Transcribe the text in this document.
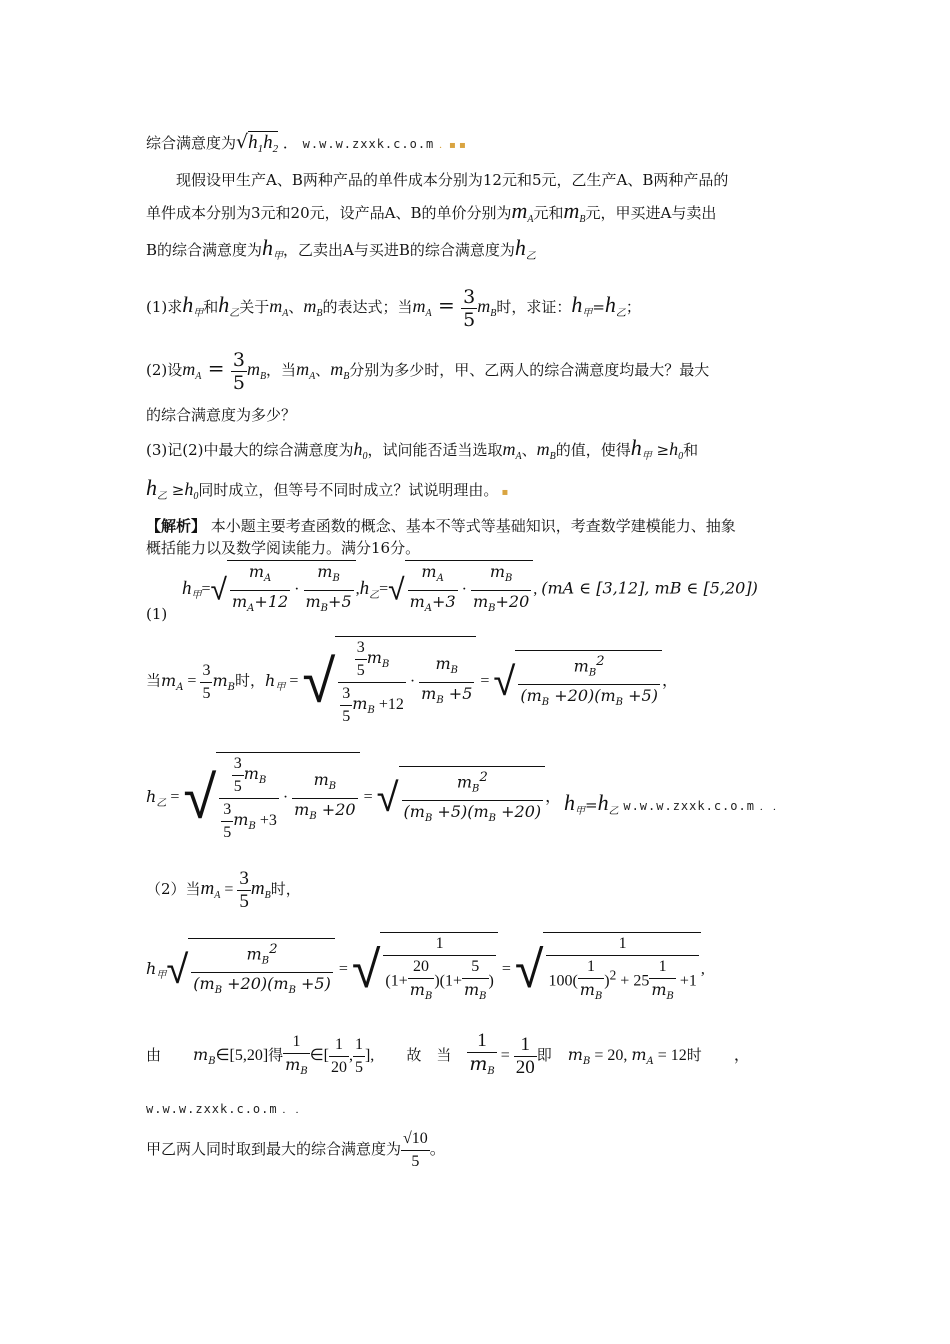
综合满意度为$√h_1h_2$ ． w.w.w.zxxk.c.o.m ．▪ ▪
现假设甲生产A、B两种产品的单件成本分别为12元和5元，乙生产A、B两种产品的
单件成本分别为3元和20元，设产品A、B的单价分别为$m_A$元和$m_B$元，甲买进A与卖出
B的综合满意度为$h_甲$，乙卖出A与买进B的综合满意度为$h_乙$
(1)求$h_甲$和$h_乙$关于$m_A$、$m_B$的表达式；当$m_A = \frac{3}{5} m_B$时，求证：$h_甲=h_乙$；
(2)设$m_A = \frac{3}{5} m_B$，当$m_A$、$m_B$分别为多少时，甲、乙两人的综合满意度均最大？最大
的综合满意度为多少？
(3)记(2)中最大的综合满意度为$h_0$，试问能否适当选取$m_A$、$m_B$的值，使得$h_甲 \ge h_0$和
$h_乙 \ge h_0$同时成立，但等号不同时成立？试说明理由。 ▪
【解析】 本小题主要考查函数的概念、基本不等式等基础知识，考查数学建模能力、抽象
概括能力以及数学阅读能力。满分16分。
$h_甲=√ \frac{m_A}{m_A+12} \cdot \frac{m_B}{m_B+5} ,h_乙=√ \frac{m_A}{m_A+3} \cdot \frac{m_B}{m_B+20}$ , (mA ∈ [3,12], mB ∈ [5,20])
(1)
当$m_A = \frac{3}{5} m_B$时，$h_甲$ = √ $\frac{\frac{3}{5} m_B}{\frac{3}{5} m_B +12} \cdot \frac{m_B}{m_B +5}$ = √ $\frac{m_B^2}{(m_B +20)(m_B +5)}$ ，
$h_乙$ = √ $\frac{\frac{3}{5} m_B}{\frac{3}{5} m_B +3} \cdot \frac{m_B}{m_B +20}$ = √ $\frac{m_B^2}{(m_B +5)(m_B +20)}$ ， $h_甲=h_乙$ w.w.w.zxxk.c.o.m ． ．
（2）当$m_A = \frac{3}{5} m_B$时，
$h_甲√ \frac{m_B^2}{(m_B +20)(m_B +5)}$ = √ $\frac{1}{(1+ \frac{20}{m_B} )(1+ \frac{5}{m_B} )}$ = √ $\frac{1}{100( \frac{1}{m_B} )^2 + 25 \frac{1}{m_B} +1}$ ,
由　　 $m_B\in[5,20]$得 $\frac{1}{m_B}$ ∈[ $\frac{1}{20}$ , $\frac{1}{5}$ ],　　故　当　 $\frac{1}{m_B} = \frac{1}{20}$ 即　 $m_B = 20$, $m_A = 12$时　　，
w.w.w.zxxk.c.o.m ． ．
甲乙两人同时取到最大的综合满意度为 $\frac{√10}{5}$ 。
